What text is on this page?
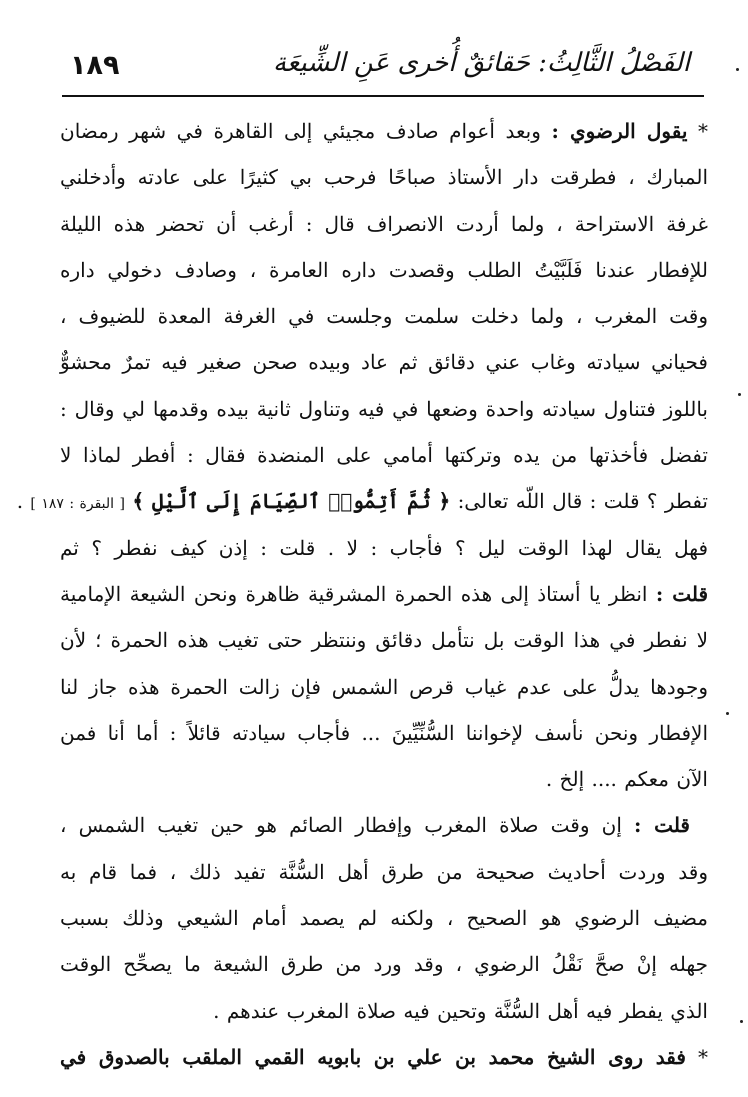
١٨٩	الفَصْلُ الثَّالِثُ: حَقائقٌ أُخرى عَنِ الشِّيعَة
* يقول الرضوي : وبعد أعوام صادف مجيئي إلى القاهرة في شهر رمضان
المبارك ، فطرقت دار الأستاذ صباحًا فرحب بي كثيرًا على عادته وأدخلني
غرفة الاستراحة ، ولما أردت الانصراف قال : أرغب أن تحضر هذه الليلة
للإفطار عندنا فَلَبَّيْتُ الطلب وقصدت داره العامرة ، وصادف دخولي داره
وقت المغرب ، ولما دخلت سلمت وجلست في الغرفة المعدة للضيوف ،
فحياني سيادته وغاب عني دقائق ثم عاد وبيده صحن صغير فيه تمرٌ محشوٌّ
باللوز فتناول سيادته واحدة وضعها في فيه وتناول ثانية بيده وقدمها لي وقال :
تفضل فأخذتها من يده وتركتها أمامي على المنضدة فقال : أفطر لماذا لا
تفطر ؟ قلت : قال اللّه تعالى: ﴿ ثُمَّ أَتِمُّوا۟ ٱلصِّيَامَ إِلَى ٱلَّيْلِ ﴾ [ البقرة : ١٨٧ ] .
فهل يقال لهذا الوقت ليل ؟ فأجاب : لا . قلت : إذن كيف نفطر ؟ ثم
قلت : انظر يا أستاذ إلى هذه الحمرة المشرقية ظاهرة ونحن الشيعة الإمامية
لا نفطر في هذا الوقت بل نتأمل دقائق وننتظر حتى تغيب هذه الحمرة ؛ لأن
وجودها يدلُّ على عدم غياب قرص الشمس فإن زالت الحمرة هذه جاز لنا
الإفطار ونحن نأسف لإخواننا السُّنِّيِّينَ ... فأجاب سيادته قائلاً : أما أنا فمن
الآن معكم .... إلخ .
قلت : إن وقت صلاة المغرب وإفطار الصائم هو حين تغيب الشمس ،
وقد وردت أحاديث صحيحة من طرق أهل السُّنَّة تفيد ذلك ، فما قام به
مضيف الرضوي هو الصحيح ، ولكنه لم يصمد أمام الشيعي وذلك بسبب
جهله إنْ صحَّ نَقْلُ الرضوي ، وقد ورد من طرق الشيعة ما يصحِّح الوقت
الذي يفطر فيه أهل السُّنَّة وتحين فيه صلاة المغرب عندهم .
* فقد روى الشيخ محمد بن علي بن بابويه القمي الملقب بالصدوق في
